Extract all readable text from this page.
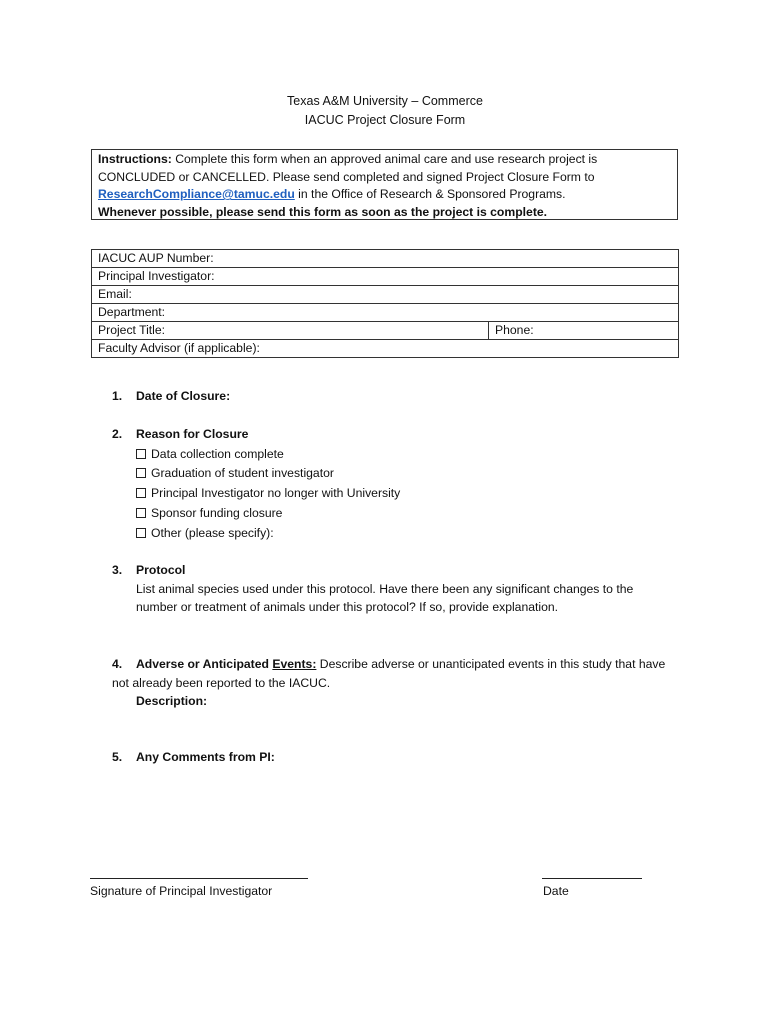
Texas A&M University – Commerce
IACUC Project Closure Form
Instructions: Complete this form when an approved animal care and use research project is CONCLUDED or CANCELLED. Please send completed and signed Project Closure Form to ResearchCompliance@tamuc.edu in the Office of Research & Sponsored Programs.
Whenever possible, please send this form as soon as the project is complete.
IACUC AUP Number:
Principal Investigator:
Email:
Department:
Project Title:	Phone:
Faculty Advisor (if applicable):
1. Date of Closure:
2. Reason for Closure
Data collection complete
Graduation of student investigator
Principal Investigator no longer with University
Sponsor funding closure
Other (please specify):
3. Protocol
List animal species used under this protocol. Have there been any significant changes to the number or treatment of animals under this protocol? If so, provide explanation.
4. Adverse or Anticipated Events: Describe adverse or unanticipated events in this study that have not already been reported to the IACUC.
Description:
5. Any Comments from PI:
Signature of Principal Investigator	Date
